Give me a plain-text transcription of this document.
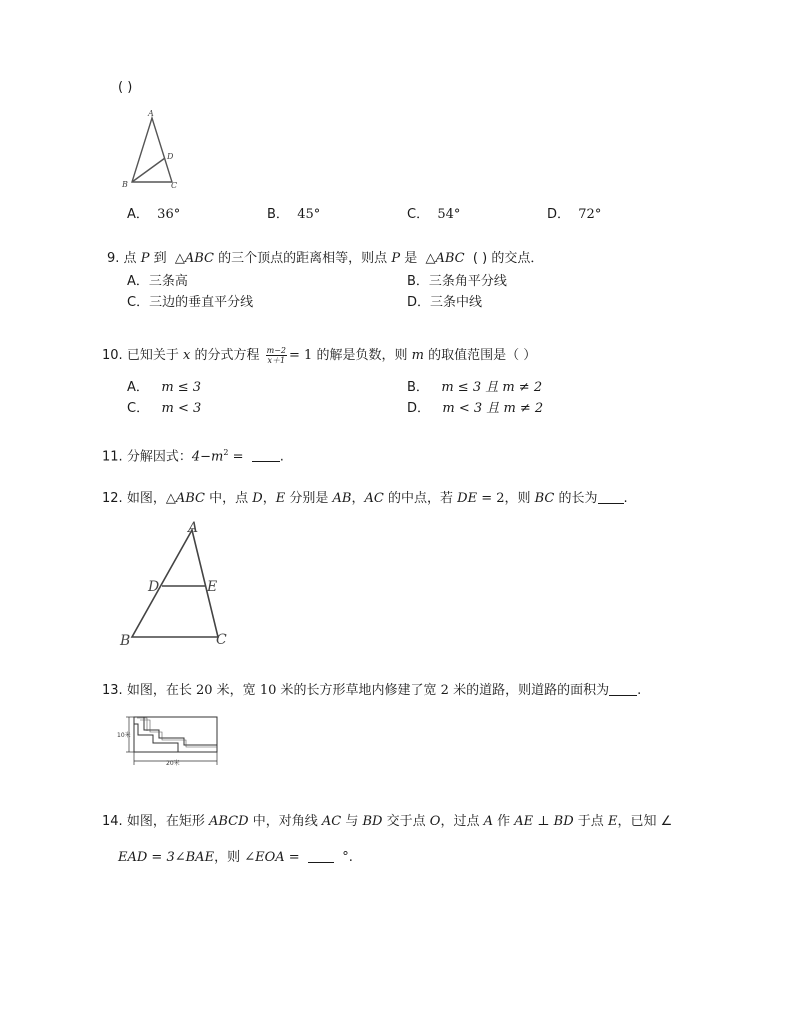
( )
A
B	C
D
A． 36°	B． 45°	C． 54°	D． 72°
9. 点 P 到 △ABC 的三个顶点的距离相等，则点 P 是 △ABC ( ) 的交点．
A．三条高	B．三条角平分线
C．三边的垂直平分线	D．三条中线
10. 已知关于 x 的分式方程 $\frac{m-2}{x+1} = 1$ 的解是负数，则 m 的取值范围是（ ）
A． m ≤ 3	B． m ≤ 3 且 m ≠ 2
C． m < 3	D． m < 3 且 m ≠ 2
11. 分解因式：$4-m^2$ =  .
12. 如图，△ABC 中，点 D，E 分别是 AB，AC 的中点，若 DE = 2，则 BC 的长为 .
A
B	C
D	E
13. 如图，在长 20 米，宽 10 米的长方形草地内修建了宽 2 米的道路，则道路的面积为 .
10米
20米
14. 如图，在矩形 ABCD 中，对角线 AC 与 BD 交于点 O，过点 A 作 AE ⊥ BD 于点 E，已知 ∠
EAD = 3∠BAE，则 ∠EOA =	°.
